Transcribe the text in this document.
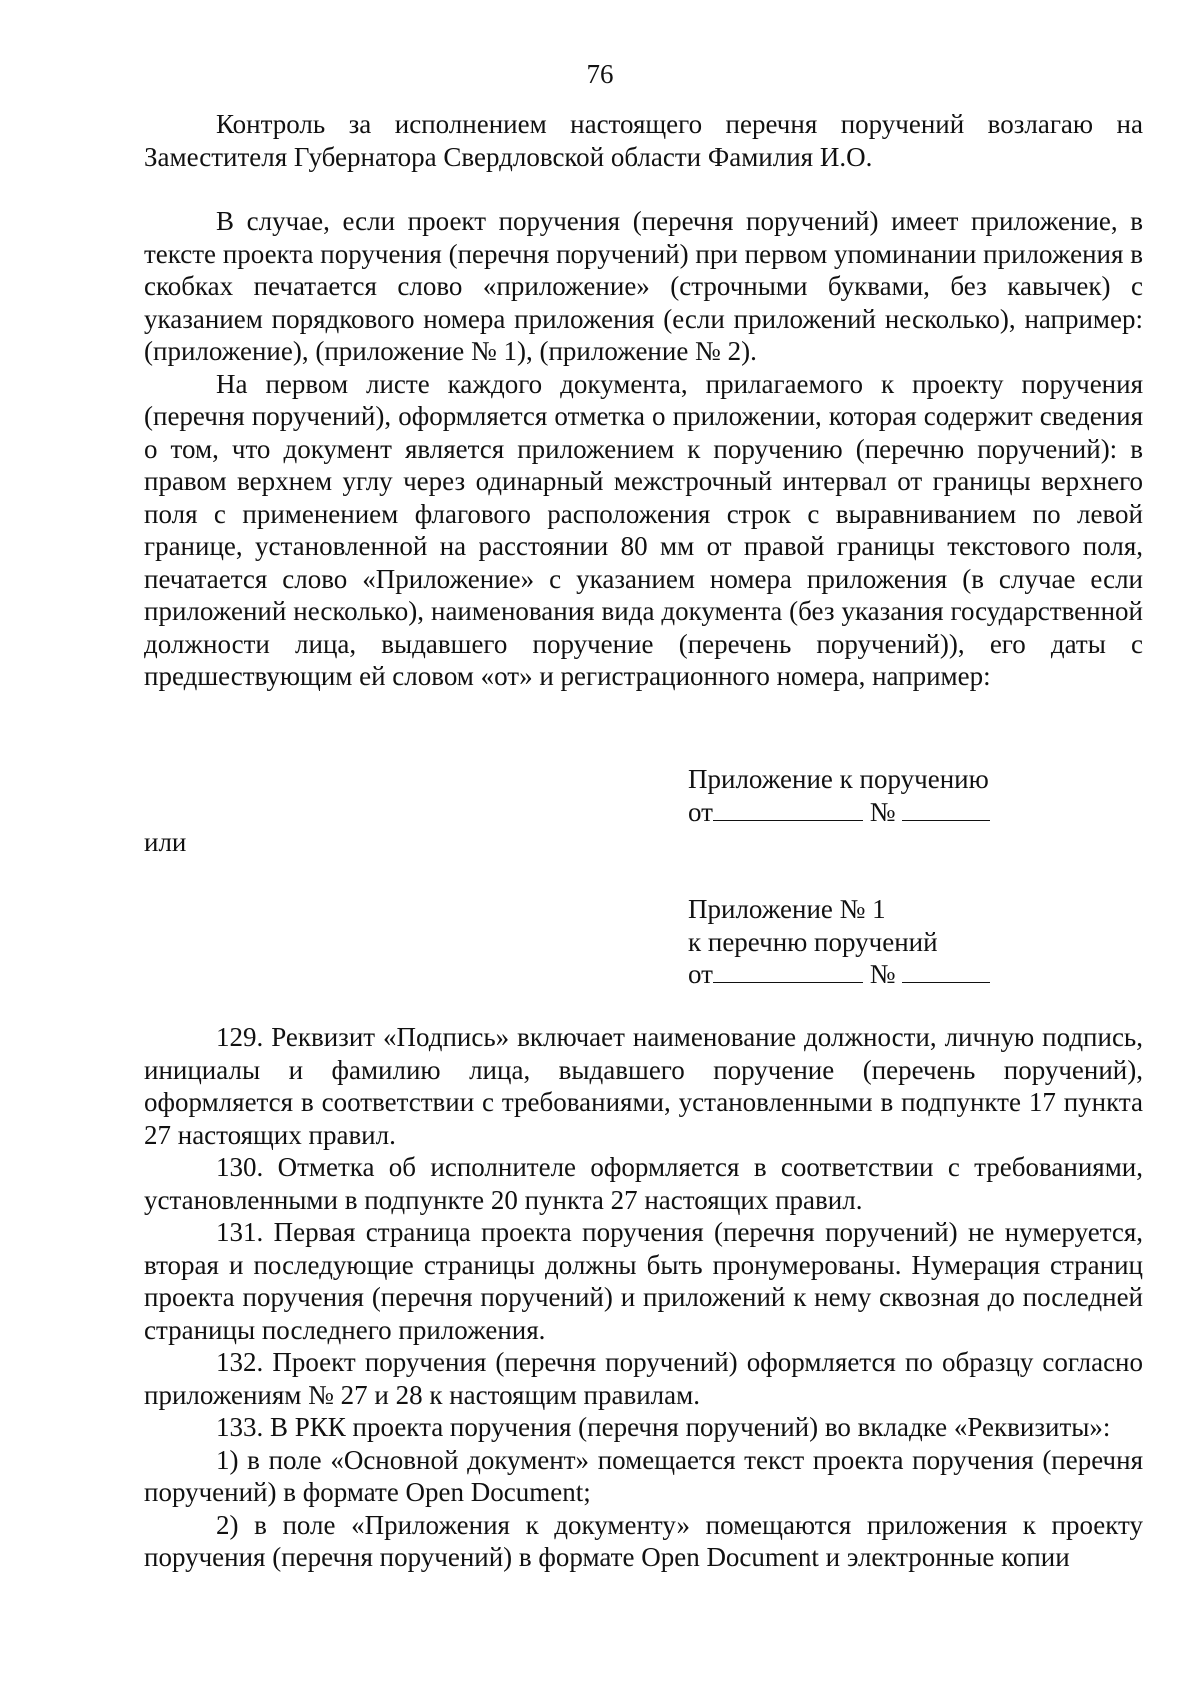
76

Контроль за исполнением настоящего перечня поручений возлагаю на Заместителя Губернатора Свердловской области Фамилия И.О.

В случае, если проект поручения (перечня поручений) имеет приложение, в тексте проекта поручения (перечня поручений) при первом упоминании приложения в скобках печатается слово «приложение» (строчными буквами, без кавычек) с указанием порядкового номера приложения (если приложений несколько), например: (приложение), (приложение № 1), (приложение № 2).

На первом листе каждого документа, прилагаемого к проекту поручения (перечня поручений), оформляется отметка о приложении, которая содержит сведения о том, что документ является приложением к поручению (перечню поручений): в правом верхнем углу через одинарный межстрочный интервал от границы верхнего поля с применением флагового расположения строк с выравниванием по левой границе, установленной на расстоянии 80 мм от правой границы текстового поля, печатается слово «Приложение» с указанием номера приложения (в случае если приложений несколько), наименования вида документа (без указания государственной должности лица, выдавшего поручение (перечень поручений)), его даты с предшествующим ей словом «от» и регистрационного номера, например:

Приложение к поручению
от	№
или
Приложение № 1
к перечню поручений
от	№

129. Реквизит «Подпись» включает наименование должности, личную подпись, инициалы и фамилию лица, выдавшего поручение (перечень поручений), оформляется в соответствии с требованиями, установленными в подпункте 17 пункта 27 настоящих правил.

130. Отметка об исполнителе оформляется в соответствии с требованиями, установленными в подпункте 20 пункта 27 настоящих правил.

131. Первая страница проекта поручения (перечня поручений) не нумеруется, вторая и последующие страницы должны быть пронумерованы. Нумерация страниц проекта поручения (перечня поручений) и приложений к нему сквозная до последней страницы последнего приложения.

132. Проект поручения (перечня поручений) оформляется по образцу согласно приложениям № 27 и 28 к настоящим правилам.

133. В РКК проекта поручения (перечня поручений) во вкладке «Реквизиты»:

1) в поле «Основной документ» помещается текст проекта поручения (перечня поручений) в формате Open Document;

2) в поле «Приложения к документу» помещаются приложения к проекту поручения (перечня поручений) в формате Open Document и электронные копии
